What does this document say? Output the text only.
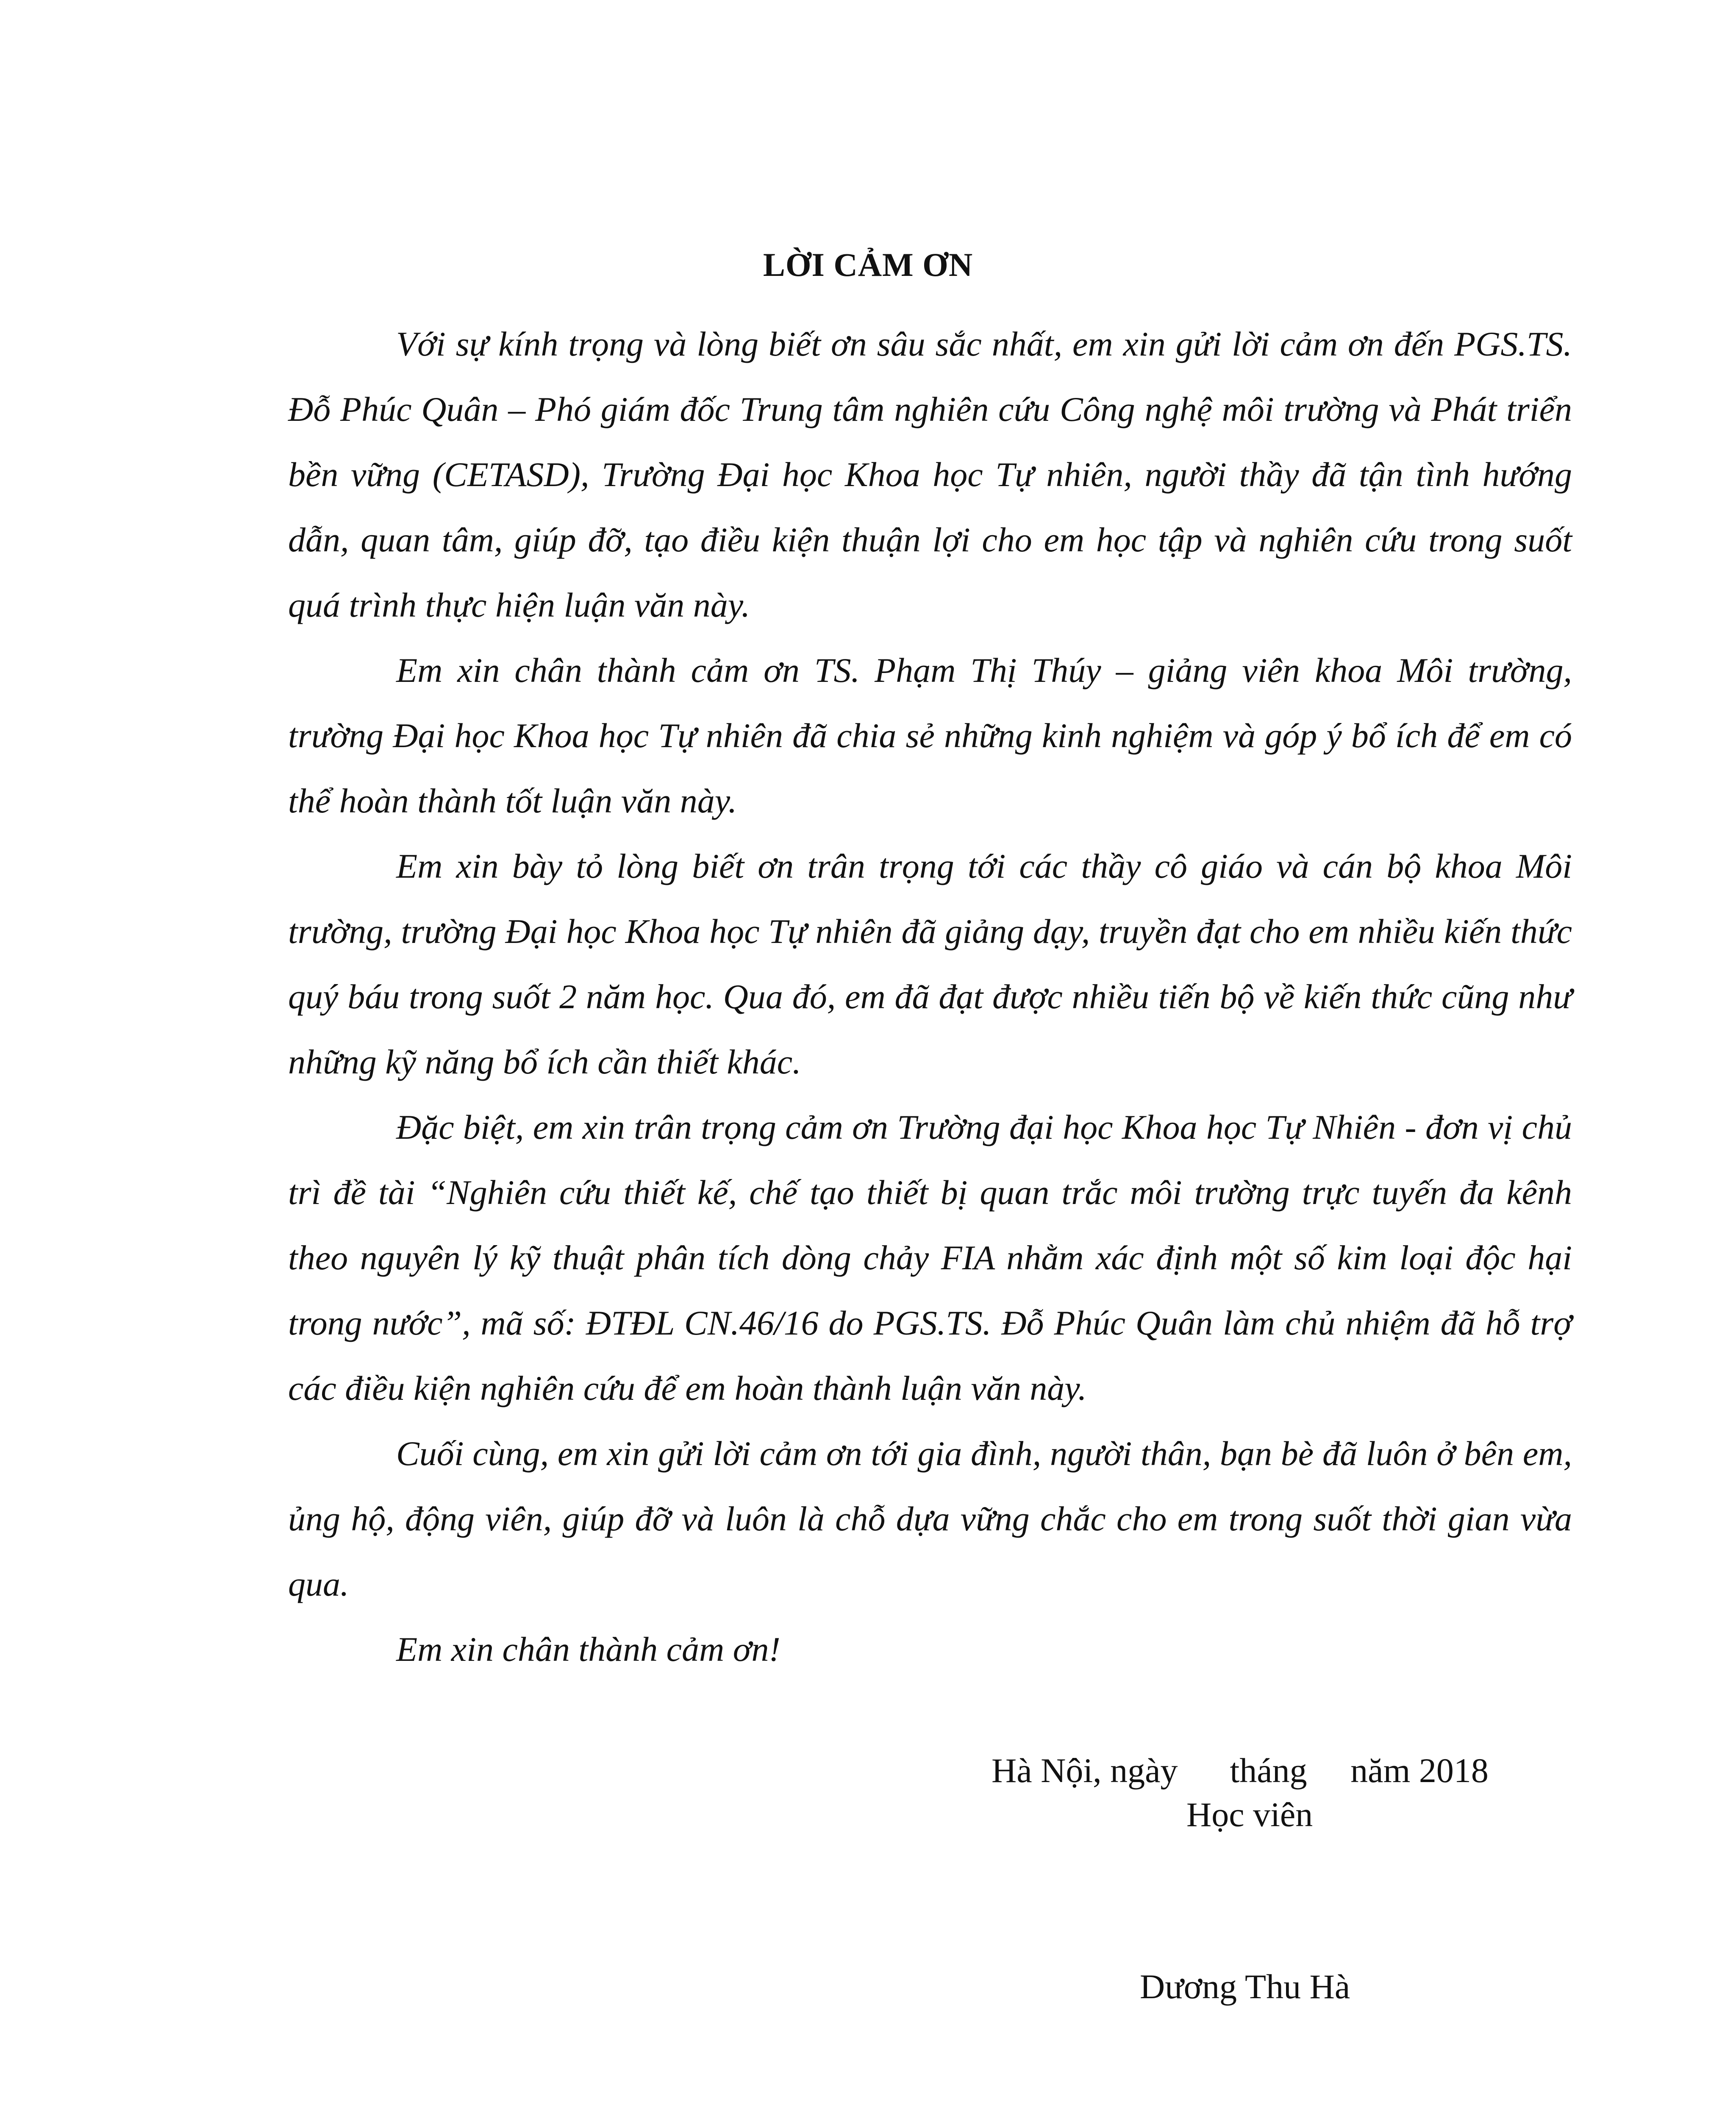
LỜI CẢM ƠN

Với sự kính trọng và lòng biết ơn sâu sắc nhất, em xin gửi lời cảm ơn đến PGS.TS. Đỗ Phúc Quân – Phó giám đốc Trung tâm nghiên cứu Công nghệ môi trường và Phát triển bền vững (CETASD), Trường Đại học Khoa học Tự nhiên, người thầy đã tận tình hướng dẫn, quan tâm, giúp đỡ, tạo điều kiện thuận lợi cho em học tập và nghiên cứu trong suốt quá trình thực hiện luận văn này.

Em xin chân thành cảm ơn TS. Phạm Thị Thúy – giảng viên khoa Môi trường, trường Đại học Khoa học Tự nhiên đã chia sẻ những kinh nghiệm và góp ý bổ ích để em có thể hoàn thành tốt luận văn này.

Em xin bày tỏ lòng biết ơn trân trọng tới các thầy cô giáo và cán bộ khoa Môi trường, trường Đại học Khoa học Tự nhiên đã giảng dạy, truyền đạt cho em nhiều kiến thức quý báu trong suốt 2 năm học. Qua đó, em đã đạt được nhiều tiến bộ về kiến thức cũng như những kỹ năng bổ ích cần thiết khác.

Đặc biệt, em xin trân trọng cảm ơn Trường đại học Khoa học Tự Nhiên - đơn vị chủ trì đề tài “Nghiên cứu thiết kế, chế tạo thiết bị quan trắc môi trường trực tuyến đa kênh theo nguyên lý kỹ thuật phân tích dòng chảy FIA nhằm xác định một số kim loại độc hại trong nước”, mã số: ĐTĐL CN.46/16 do PGS.TS. Đỗ Phúc Quân làm chủ nhiệm đã hỗ trợ các điều kiện nghiên cứu để em hoàn thành luận văn này.

Cuối cùng, em xin gửi lời cảm ơn tới gia đình, người thân, bạn bè đã luôn ở bên em, ủng hộ, động viên, giúp đỡ và luôn là chỗ dựa vững chắc cho em trong suốt thời gian vừa qua.

Em xin chân thành cảm ơn!

Hà Nội, ngày      tháng     năm 2018
Học viên
Dương Thu Hà
